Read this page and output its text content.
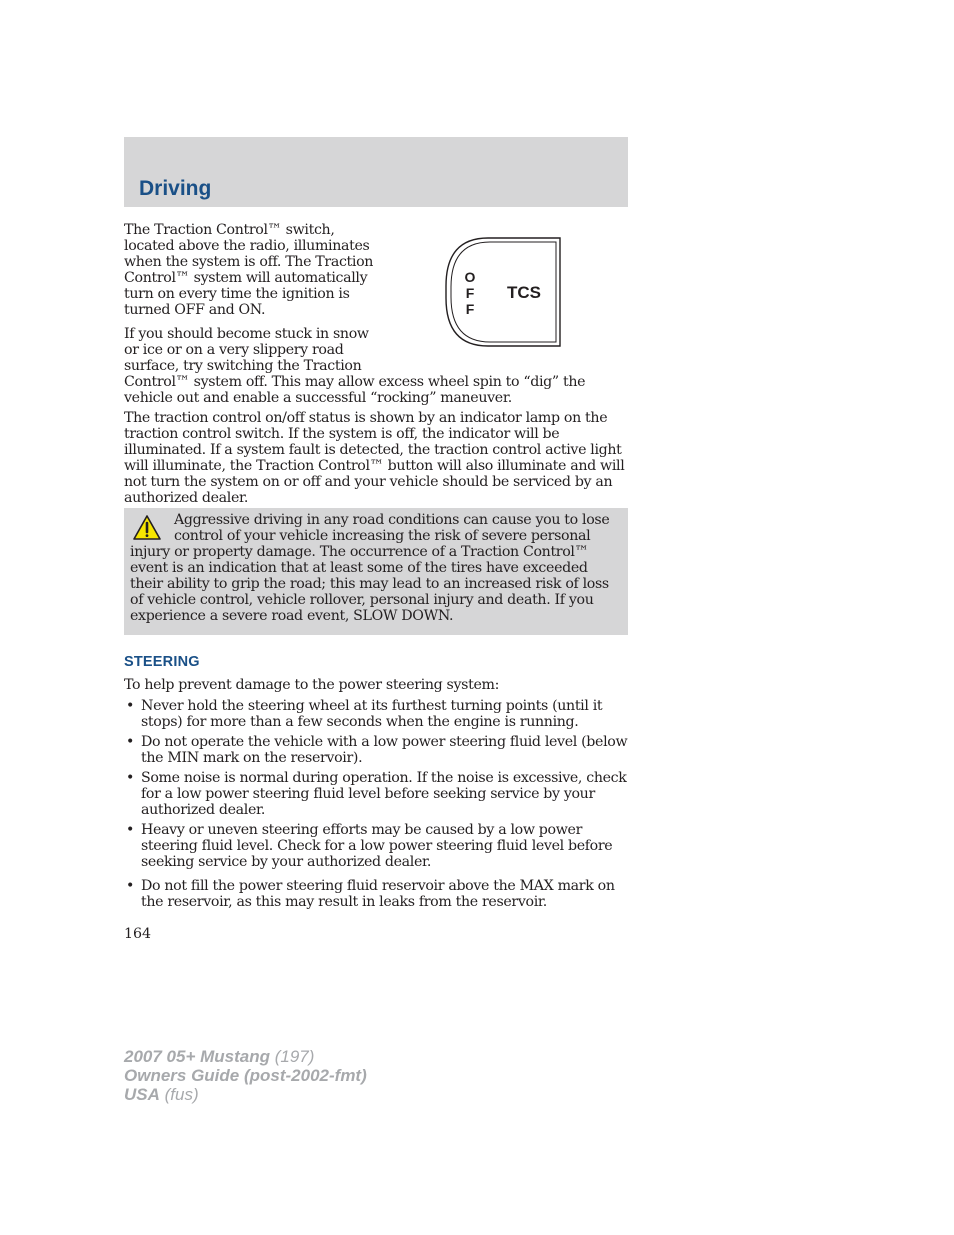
Driving
O
F
F
TCS

The Traction Control™ switch, located above the radio, illuminates when the system is off. The Traction Control™ system will automatically turn on every time the ignition is turned OFF and ON.

If you should become stuck in snow or ice or on a very slippery road surface, try switching the Traction

Control™ system off. This may allow excess wheel spin to “dig” the vehicle out and enable a successful “rocking” maneuver.

The traction control on/off status is shown by an indicator lamp on the traction control switch. If the system is off, the indicator will be illuminated. If a system fault is detected, the traction control active light will illuminate, the Traction Control™ button will also illuminate and will not turn the system on or off and your vehicle should be serviced by an authorized dealer.

Aggressive driving in any road conditions can cause you to lose control of your vehicle increasing the risk of severe personal injury or property damage. The occurrence of a Traction Control™ event is an indication that at least some of the tires have exceeded their ability to grip the road; this may lead to an increased risk of loss of vehicle control, vehicle rollover, personal injury and death. If you experience a severe road event, SLOW DOWN.

STEERING

To help prevent damage to the power steering system:

• Never hold the steering wheel at its furthest turning points (until it stops) for more than a few seconds when the engine is running.

• Do not operate the vehicle with a low power steering fluid level (below the MIN mark on the reservoir).

• Some noise is normal during operation. If the noise is excessive, check for a low power steering fluid level before seeking service by your authorized dealer.

• Heavy or uneven steering efforts may be caused by a low power steering fluid level. Check for a low power steering fluid level before seeking service by your authorized dealer.

• Do not fill the power steering fluid reservoir above the MAX mark on the reservoir, as this may result in leaks from the reservoir.

164
2007 05+ Mustang (197)
Owners Guide (post-2002-fmt)
USA (fus)
